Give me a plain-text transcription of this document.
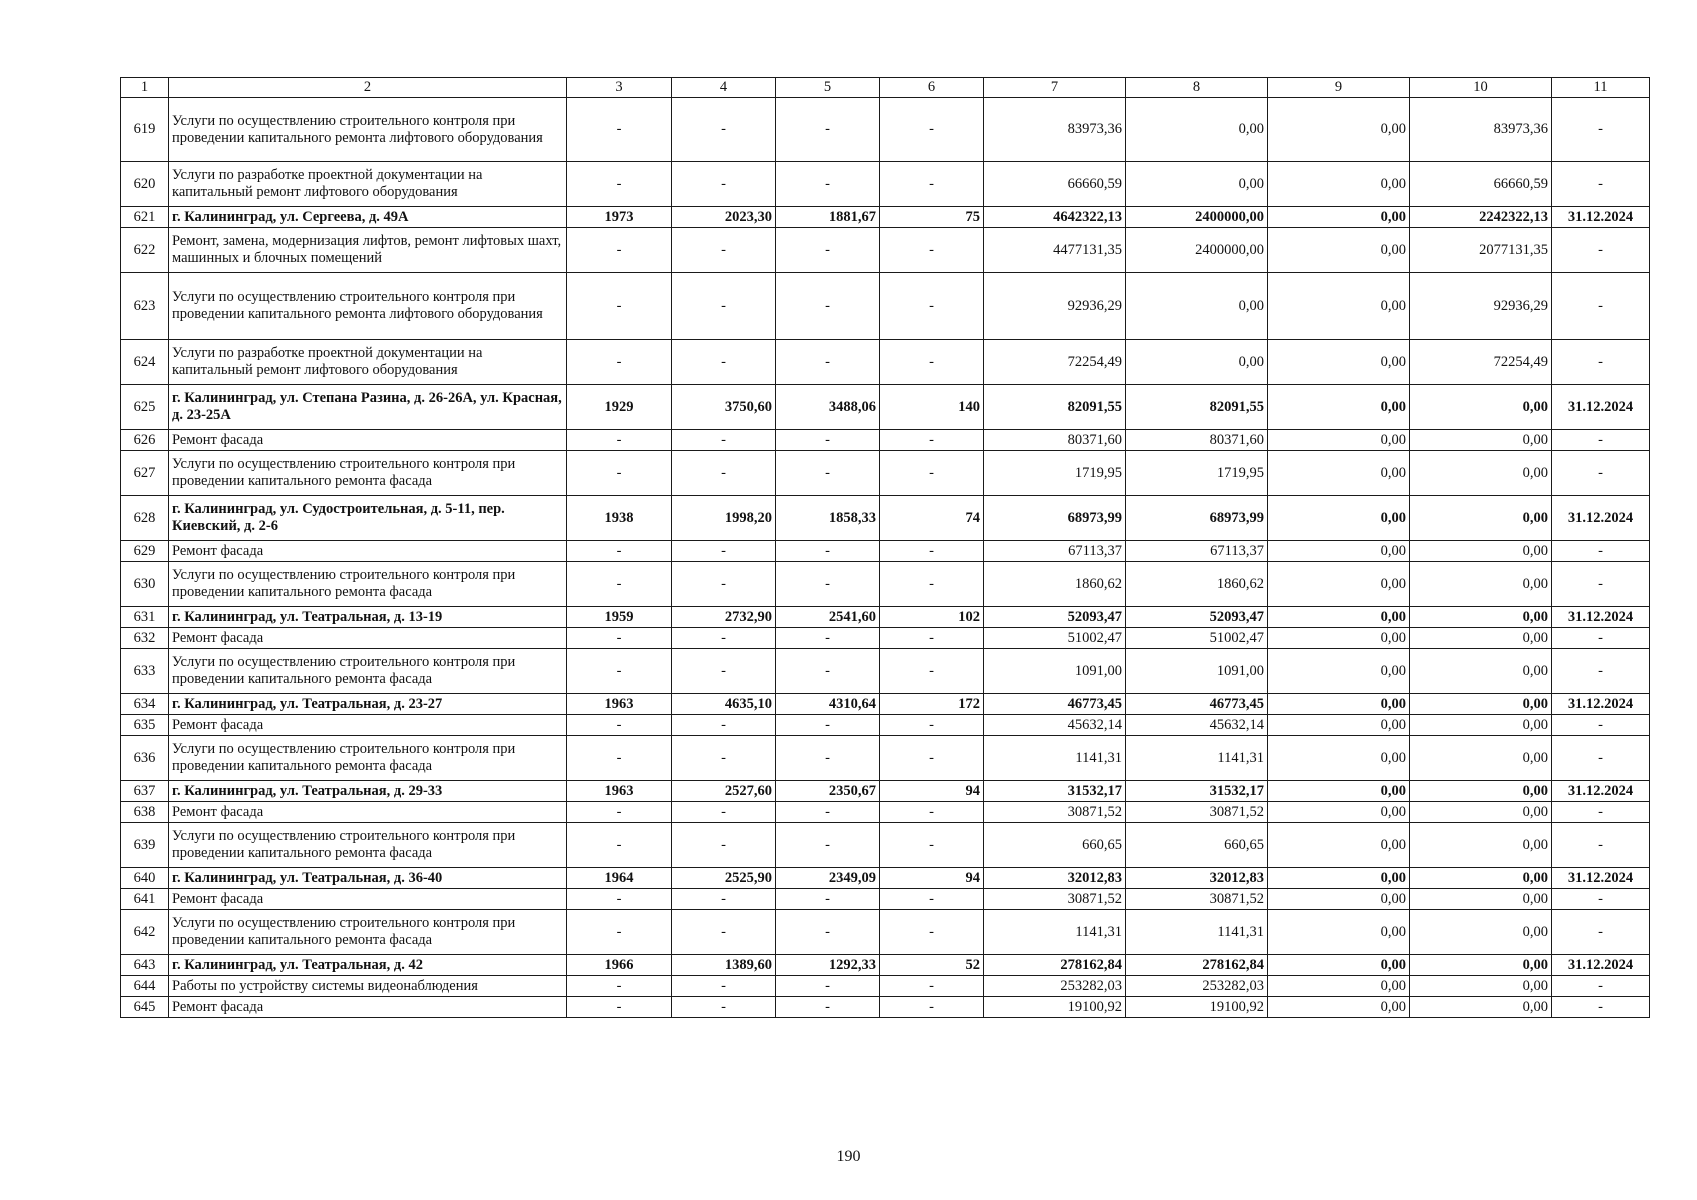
1	2	3	4	5	6	7	8	9	10	11
619	Услуги по осуществлению строительного контроля при проведении капитального ремонта лифтового оборудования	-	-	-	-	83973,36	0,00	0,00	83973,36	-
620	Услуги по разработке проектной документации на капитальный ремонт лифтового оборудования	-	-	-	-	66660,59	0,00	0,00	66660,59	-
621	г. Калининград, ул. Сергеева, д. 49А	1973	2023,30	1881,67	75	4642322,13	2400000,00	0,00	2242322,13	31.12.2024
622	Ремонт, замена, модернизация лифтов, ремонт лифтовых шахт, машинных и блочных помещений	-	-	-	-	4477131,35	2400000,00	0,00	2077131,35	-
623	Услуги по осуществлению строительного контроля при проведении капитального ремонта лифтового оборудования	-	-	-	-	92936,29	0,00	0,00	92936,29	-
624	Услуги по разработке проектной документации на капитальный ремонт лифтового оборудования	-	-	-	-	72254,49	0,00	0,00	72254,49	-
625	г. Калининград, ул. Степана Разина, д. 26-26А, ул. Красная, д. 23-25А	1929	3750,60	3488,06	140	82091,55	82091,55	0,00	0,00	31.12.2024
626	Ремонт фасада	-	-	-	-	80371,60	80371,60	0,00	0,00	-
627	Услуги по осуществлению строительного контроля при проведении капитального ремонта фасада	-	-	-	-	1719,95	1719,95	0,00	0,00	-
628	г. Калининград, ул. Судостроительная, д. 5-11, пер. Киевский, д. 2-6	1938	1998,20	1858,33	74	68973,99	68973,99	0,00	0,00	31.12.2024
629	Ремонт фасада	-	-	-	-	67113,37	67113,37	0,00	0,00	-
630	Услуги по осуществлению строительного контроля при проведении капитального ремонта фасада	-	-	-	-	1860,62	1860,62	0,00	0,00	-
631	г. Калининград, ул. Театральная, д. 13-19	1959	2732,90	2541,60	102	52093,47	52093,47	0,00	0,00	31.12.2024
632	Ремонт фасада	-	-	-	-	51002,47	51002,47	0,00	0,00	-
633	Услуги по осуществлению строительного контроля при проведении капитального ремонта фасада	-	-	-	-	1091,00	1091,00	0,00	0,00	-
634	г. Калининград, ул. Театральная, д. 23-27	1963	4635,10	4310,64	172	46773,45	46773,45	0,00	0,00	31.12.2024
635	Ремонт фасада	-	-	-	-	45632,14	45632,14	0,00	0,00	-
636	Услуги по осуществлению строительного контроля при проведении капитального ремонта фасада	-	-	-	-	1141,31	1141,31	0,00	0,00	-
637	г. Калининград, ул. Театральная, д. 29-33	1963	2527,60	2350,67	94	31532,17	31532,17	0,00	0,00	31.12.2024
638	Ремонт фасада	-	-	-	-	30871,52	30871,52	0,00	0,00	-
639	Услуги по осуществлению строительного контроля при проведении капитального ремонта фасада	-	-	-	-	660,65	660,65	0,00	0,00	-
640	г. Калининград, ул. Театральная, д. 36-40	1964	2525,90	2349,09	94	32012,83	32012,83	0,00	0,00	31.12.2024
641	Ремонт фасада	-	-	-	-	30871,52	30871,52	0,00	0,00	-
642	Услуги по осуществлению строительного контроля при проведении капитального ремонта фасада	-	-	-	-	1141,31	1141,31	0,00	0,00	-
643	г. Калининград, ул. Театральная, д. 42	1966	1389,60	1292,33	52	278162,84	278162,84	0,00	0,00	31.12.2024
644	Работы по устройству системы видеонаблюдения	-	-	-	-	253282,03	253282,03	0,00	0,00	-
645	Ремонт фасада	-	-	-	-	19100,92	19100,92	0,00	0,00	-
190
